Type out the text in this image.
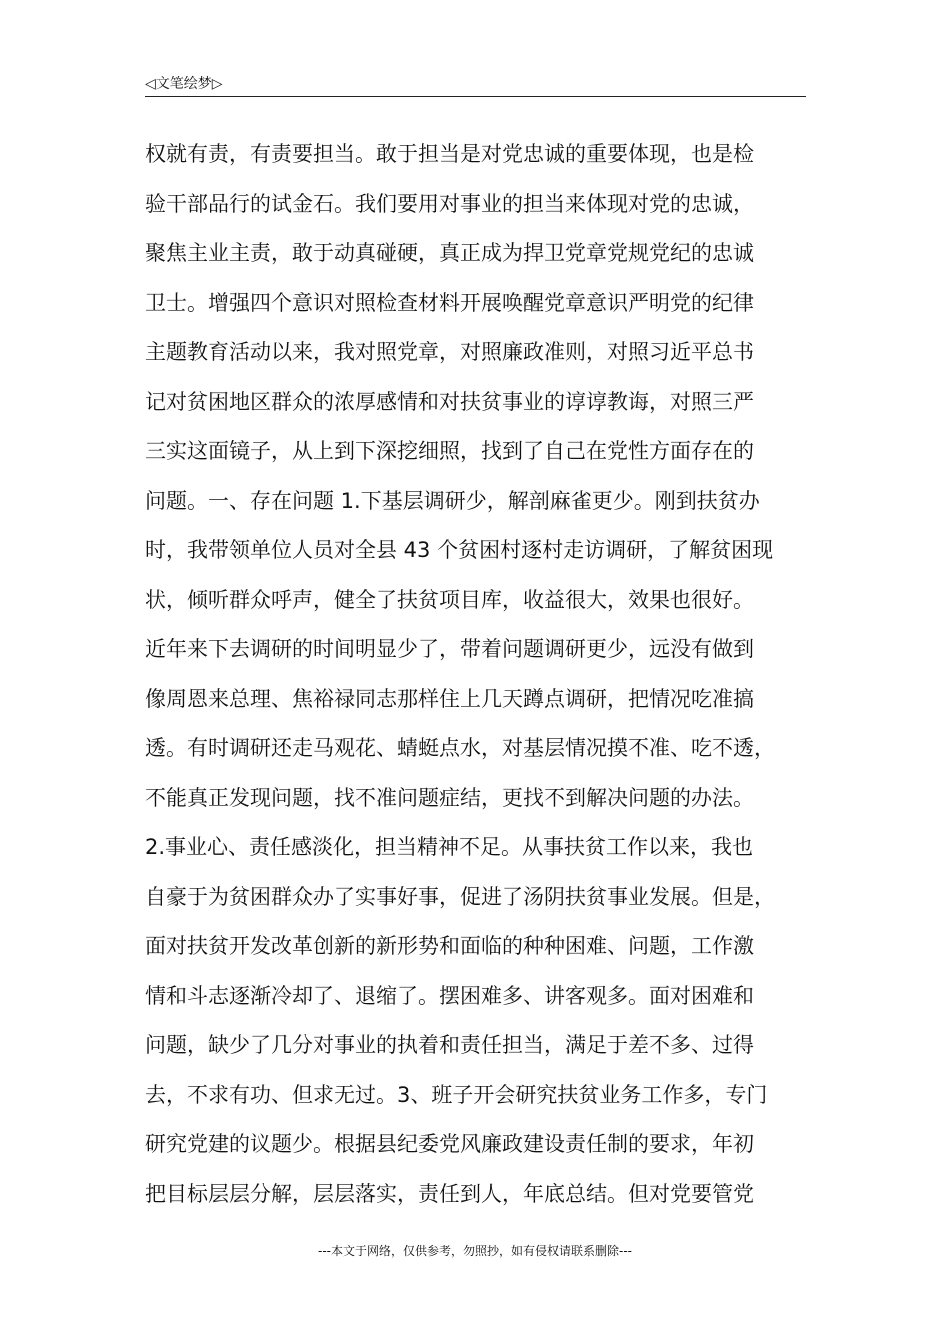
◁文笔绘梦▷
权就有责，有责要担当。敢于担当是对党忠诚的重要体现，也是检
验干部品行的试金石。我们要用对事业的担当来体现对党的忠诚，
聚焦主业主责，敢于动真碰硬，真正成为捍卫党章党规党纪的忠诚
卫士。增强四个意识对照检查材料开展唤醒党章意识严明党的纪律
主题教育活动以来，我对照党章，对照廉政准则，对照习近平总书
记对贫困地区群众的浓厚感情和对扶贫事业的谆谆教诲，对照三严
三实这面镜子，从上到下深挖细照，找到了自己在党性方面存在的
问题。一、存在问题 1.下基层调研少，解剖麻雀更少。刚到扶贫办
时，我带领单位人员对全县 43 个贫困村逐村走访调研，了解贫困现
状，倾听群众呼声，健全了扶贫项目库，收益很大，效果也很好。
近年来下去调研的时间明显少了，带着问题调研更少，远没有做到
像周恩来总理、焦裕禄同志那样住上几天蹲点调研，把情况吃准搞
透。有时调研还走马观花、蜻蜓点水，对基层情况摸不准、吃不透，
不能真正发现问题，找不准问题症结，更找不到解决问题的办法。
2.事业心、责任感淡化，担当精神不足。从事扶贫工作以来，我也
自豪于为贫困群众办了实事好事，促进了汤阴扶贫事业发展。但是，
面对扶贫开发改革创新的新形势和面临的种种困难、问题，工作激
情和斗志逐渐冷却了、退缩了。摆困难多、讲客观多。面对困难和
问题，缺少了几分对事业的执着和责任担当，满足于差不多、过得
去，不求有功、但求无过。3、班子开会研究扶贫业务工作多，专门
研究党建的议题少。根据县纪委党风廉政建设责任制的要求，年初
把目标层层分解，层层落实，责任到人，年底总结。但对党要管党
---本文于网络，仅供参考，勿照抄，如有侵权请联系删除---
